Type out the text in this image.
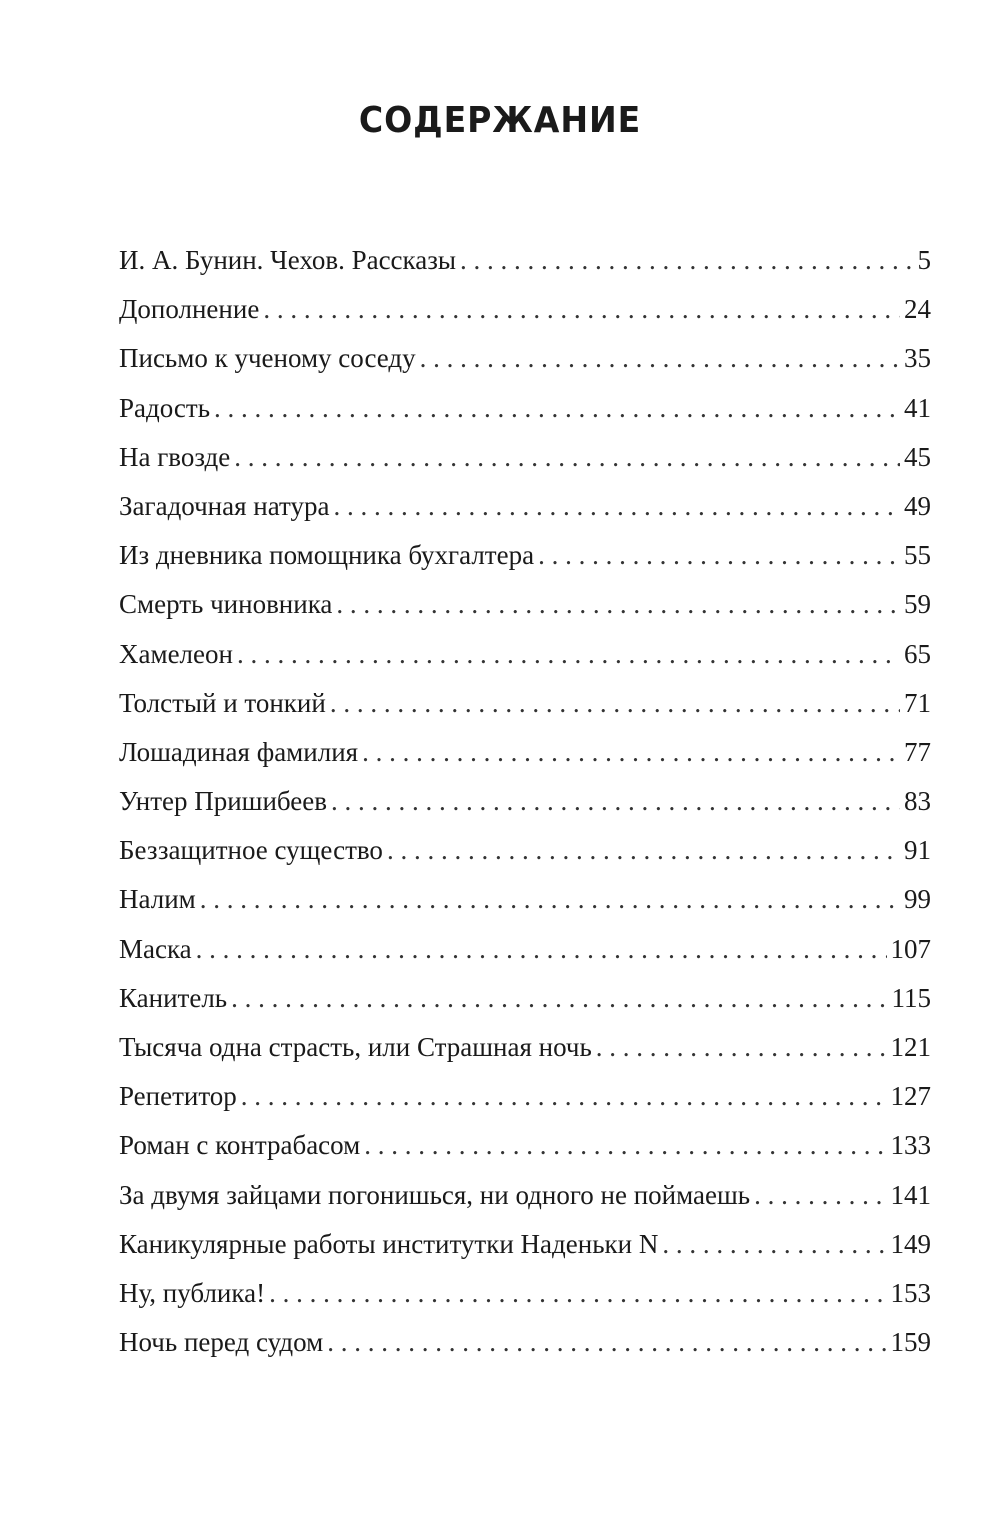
СОДЕРЖАНИЕ
И. А. Бунин. Чехов. Рассказы . . .	5
Дополнение . . .	24
Письмо к ученому соседу . . .	35
Радость . . .	41
На гвозде . . .	45
Загадочная натура . . .	49
Из дневника помощника бухгалтера . . .	55
Смерть чиновника . . .	59
Хамелеон . . .	65
Толстый и тонкий . . .	71
Лошадиная фамилия . . .	77
Унтер Пришибеев . . .	83
Беззащитное существо . . .	91
Налим . . .	99
Маска . . .	107
Канитель . . .	115
Тысяча одна страсть, или Страшная ночь . . .	121
Репетитор . . .	127
Роман с контрабасом . . .	133
За двумя зайцами погонишься, ни одного не поймаешь . . .	141
Каникулярные работы институтки Наденьки N . . .	149
Ну, публика! . . .	153
Ночь перед судом . . .	159
